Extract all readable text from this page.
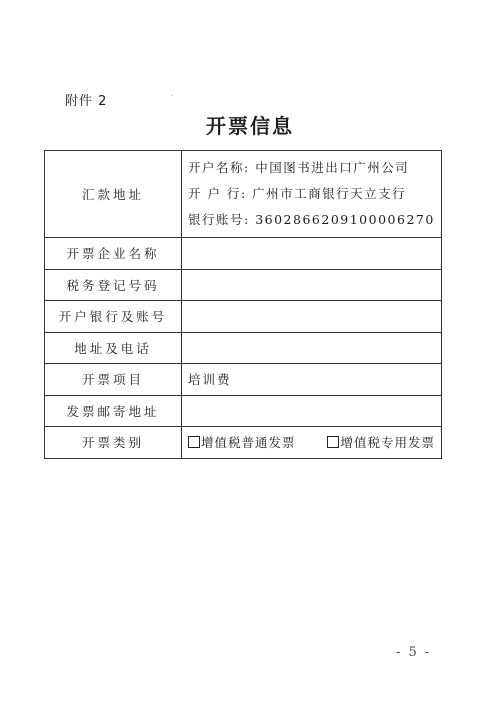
ˇ
附件 2
开票信息
汇款地址	开户名称: 中国图书进出口广州公司
开 户 行: 广州市工商银行天立支行
银行账号: 3602866209100006270

开票企业名称	
税务登记号码	
开户银行及账号	
地址及电话	
开票项目	培训费
发票邮寄地址	
开票类别	增值税普通发票 增值税专用发票
- 5 -
